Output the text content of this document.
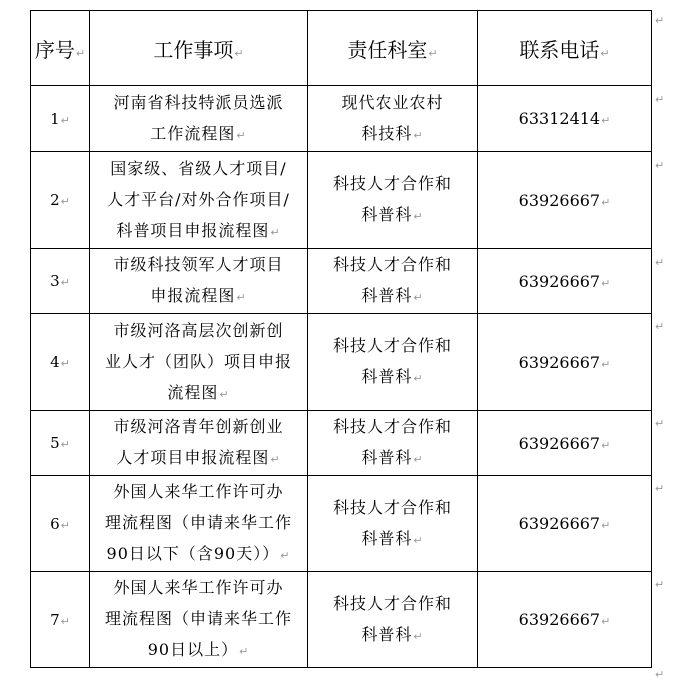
序号↵	工作事项↵	责任科室↵	联系电话↵
1↵	河南省科技特派员选派
工作流程图↵	现代农业农村
科技科↵	63312414↵
2↵	国家级、省级人才项目/
人才平台/对外合作项目/
科普项目申报流程图↵	科技人才合作和
科普科↵	63926667↵
3↵	市级科技领军人才项目
申报流程图↵	科技人才合作和
科普科↵	63926667↵
4↵	市级河洛高层次创新创
业人才（团队）项目申报
流程图↵	科技人才合作和
科普科↵	63926667↵
5↵	市级河洛青年创新创业
人才项目申报流程图↵	科技人才合作和
科普科↵	63926667↵
6↵	外国人来华工作许可办
理流程图（申请来华工作
90日以下（含90天））↵	科技人才合作和
科普科↵	63926667↵
7↵	外国人来华工作许可办
理流程图（申请来华工作
90日以上）↵	科技人才合作和
科普科↵	63926667↵
↵
↵
↵
↵
↵
↵
↵
↵
↵
